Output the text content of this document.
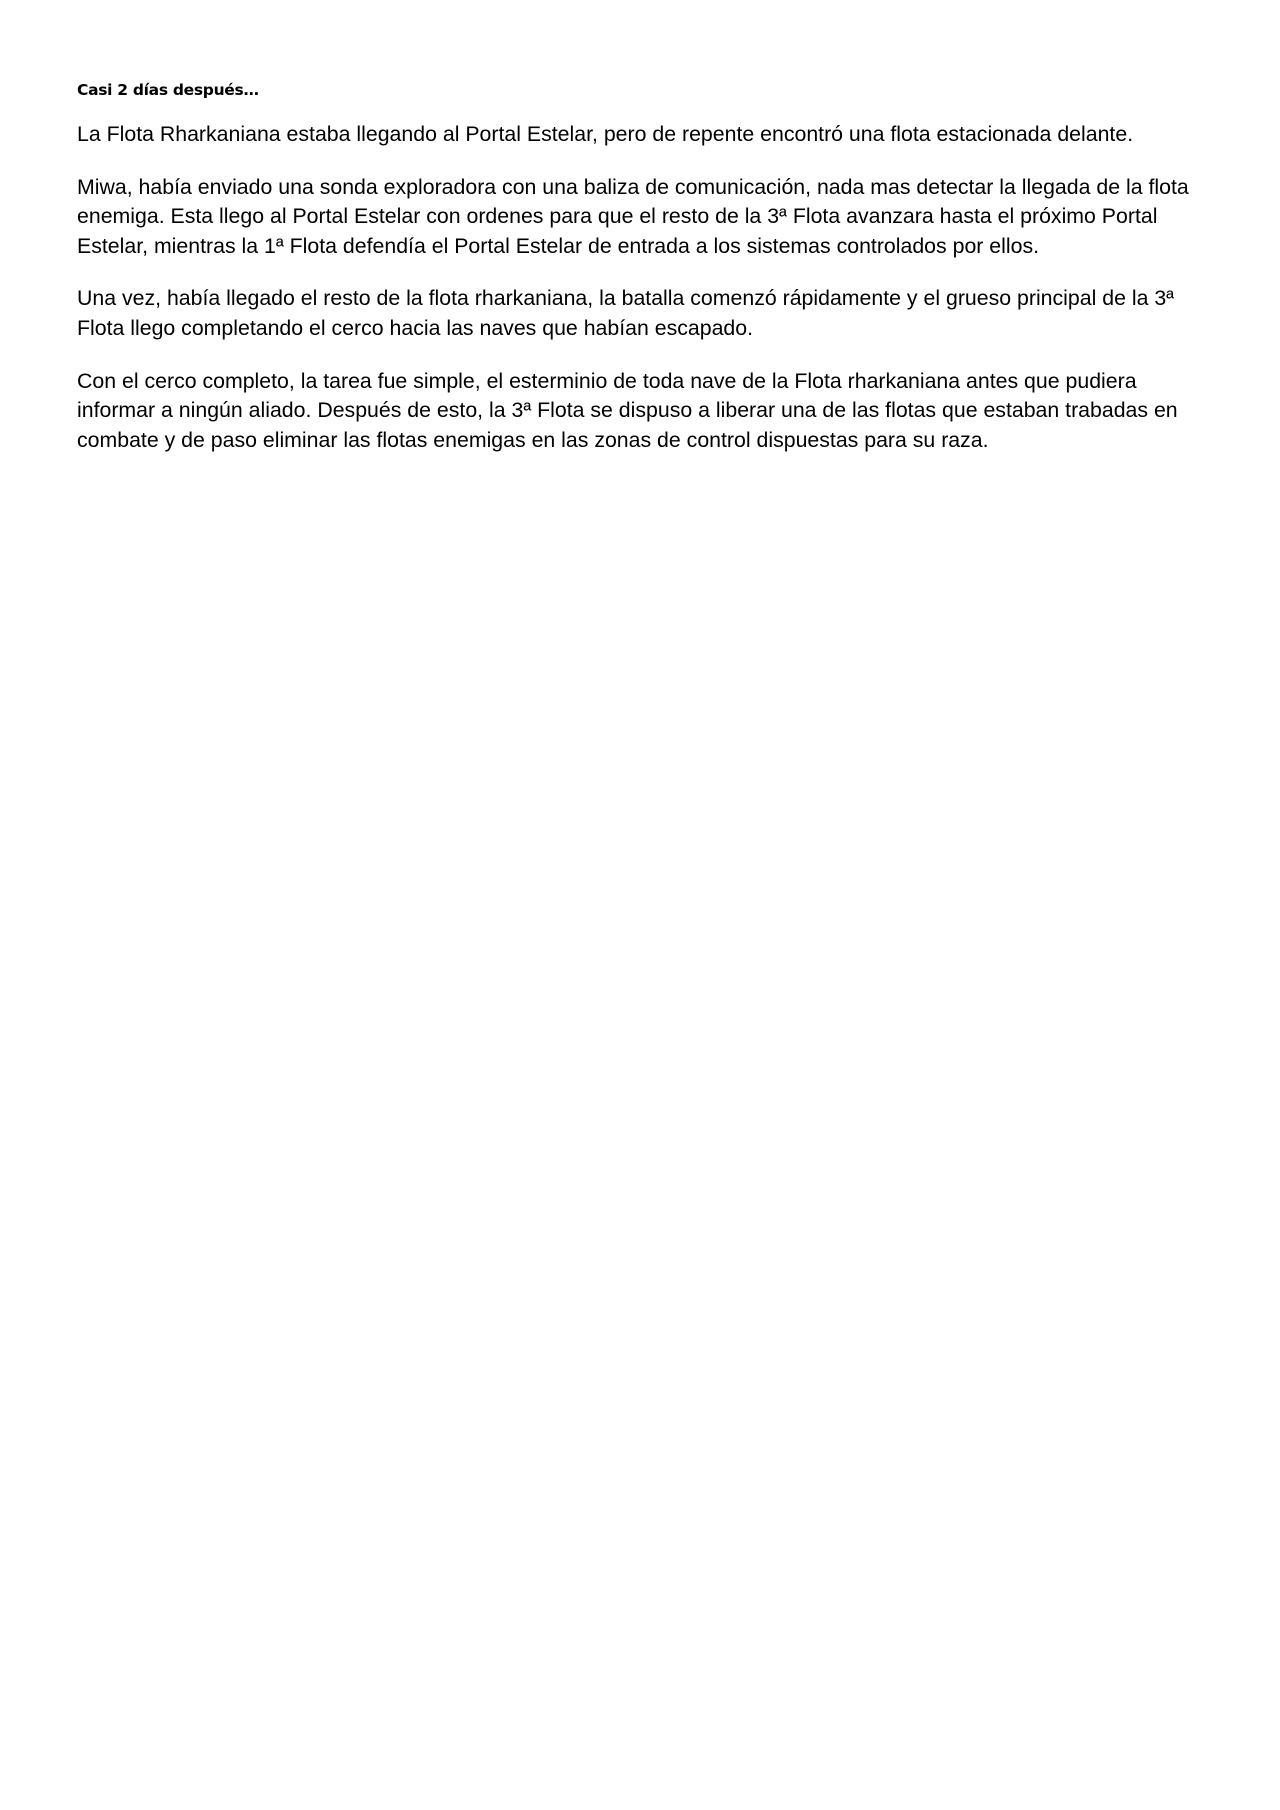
Casi 2 días después…

La Flota Rharkaniana estaba llegando al Portal Estelar, pero de repente encontró una flota estacionada delante.

Miwa, había enviado una sonda exploradora con una baliza de comunicación, nada mas detectar la llegada de la flota enemiga. Esta llego al Portal Estelar con ordenes para que el resto de la 3ª Flota avanzara hasta el próximo Portal Estelar, mientras la 1ª Flota defendía el Portal Estelar de entrada a los sistemas controlados por ellos.

Una vez, había llegado el resto de la flota rharkaniana, la batalla comenzó rápidamente y el grueso principal de la 3ª Flota llego completando el cerco hacia las naves que habían escapado.

Con el cerco completo, la tarea fue simple, el esterminio de toda nave de la Flota rharkaniana antes que pudiera informar a ningún aliado. Después de esto, la 3ª Flota se dispuso a liberar una de las flotas que estaban trabadas en combate y de paso eliminar las flotas enemigas en las zonas de control dispuestas para su raza.
